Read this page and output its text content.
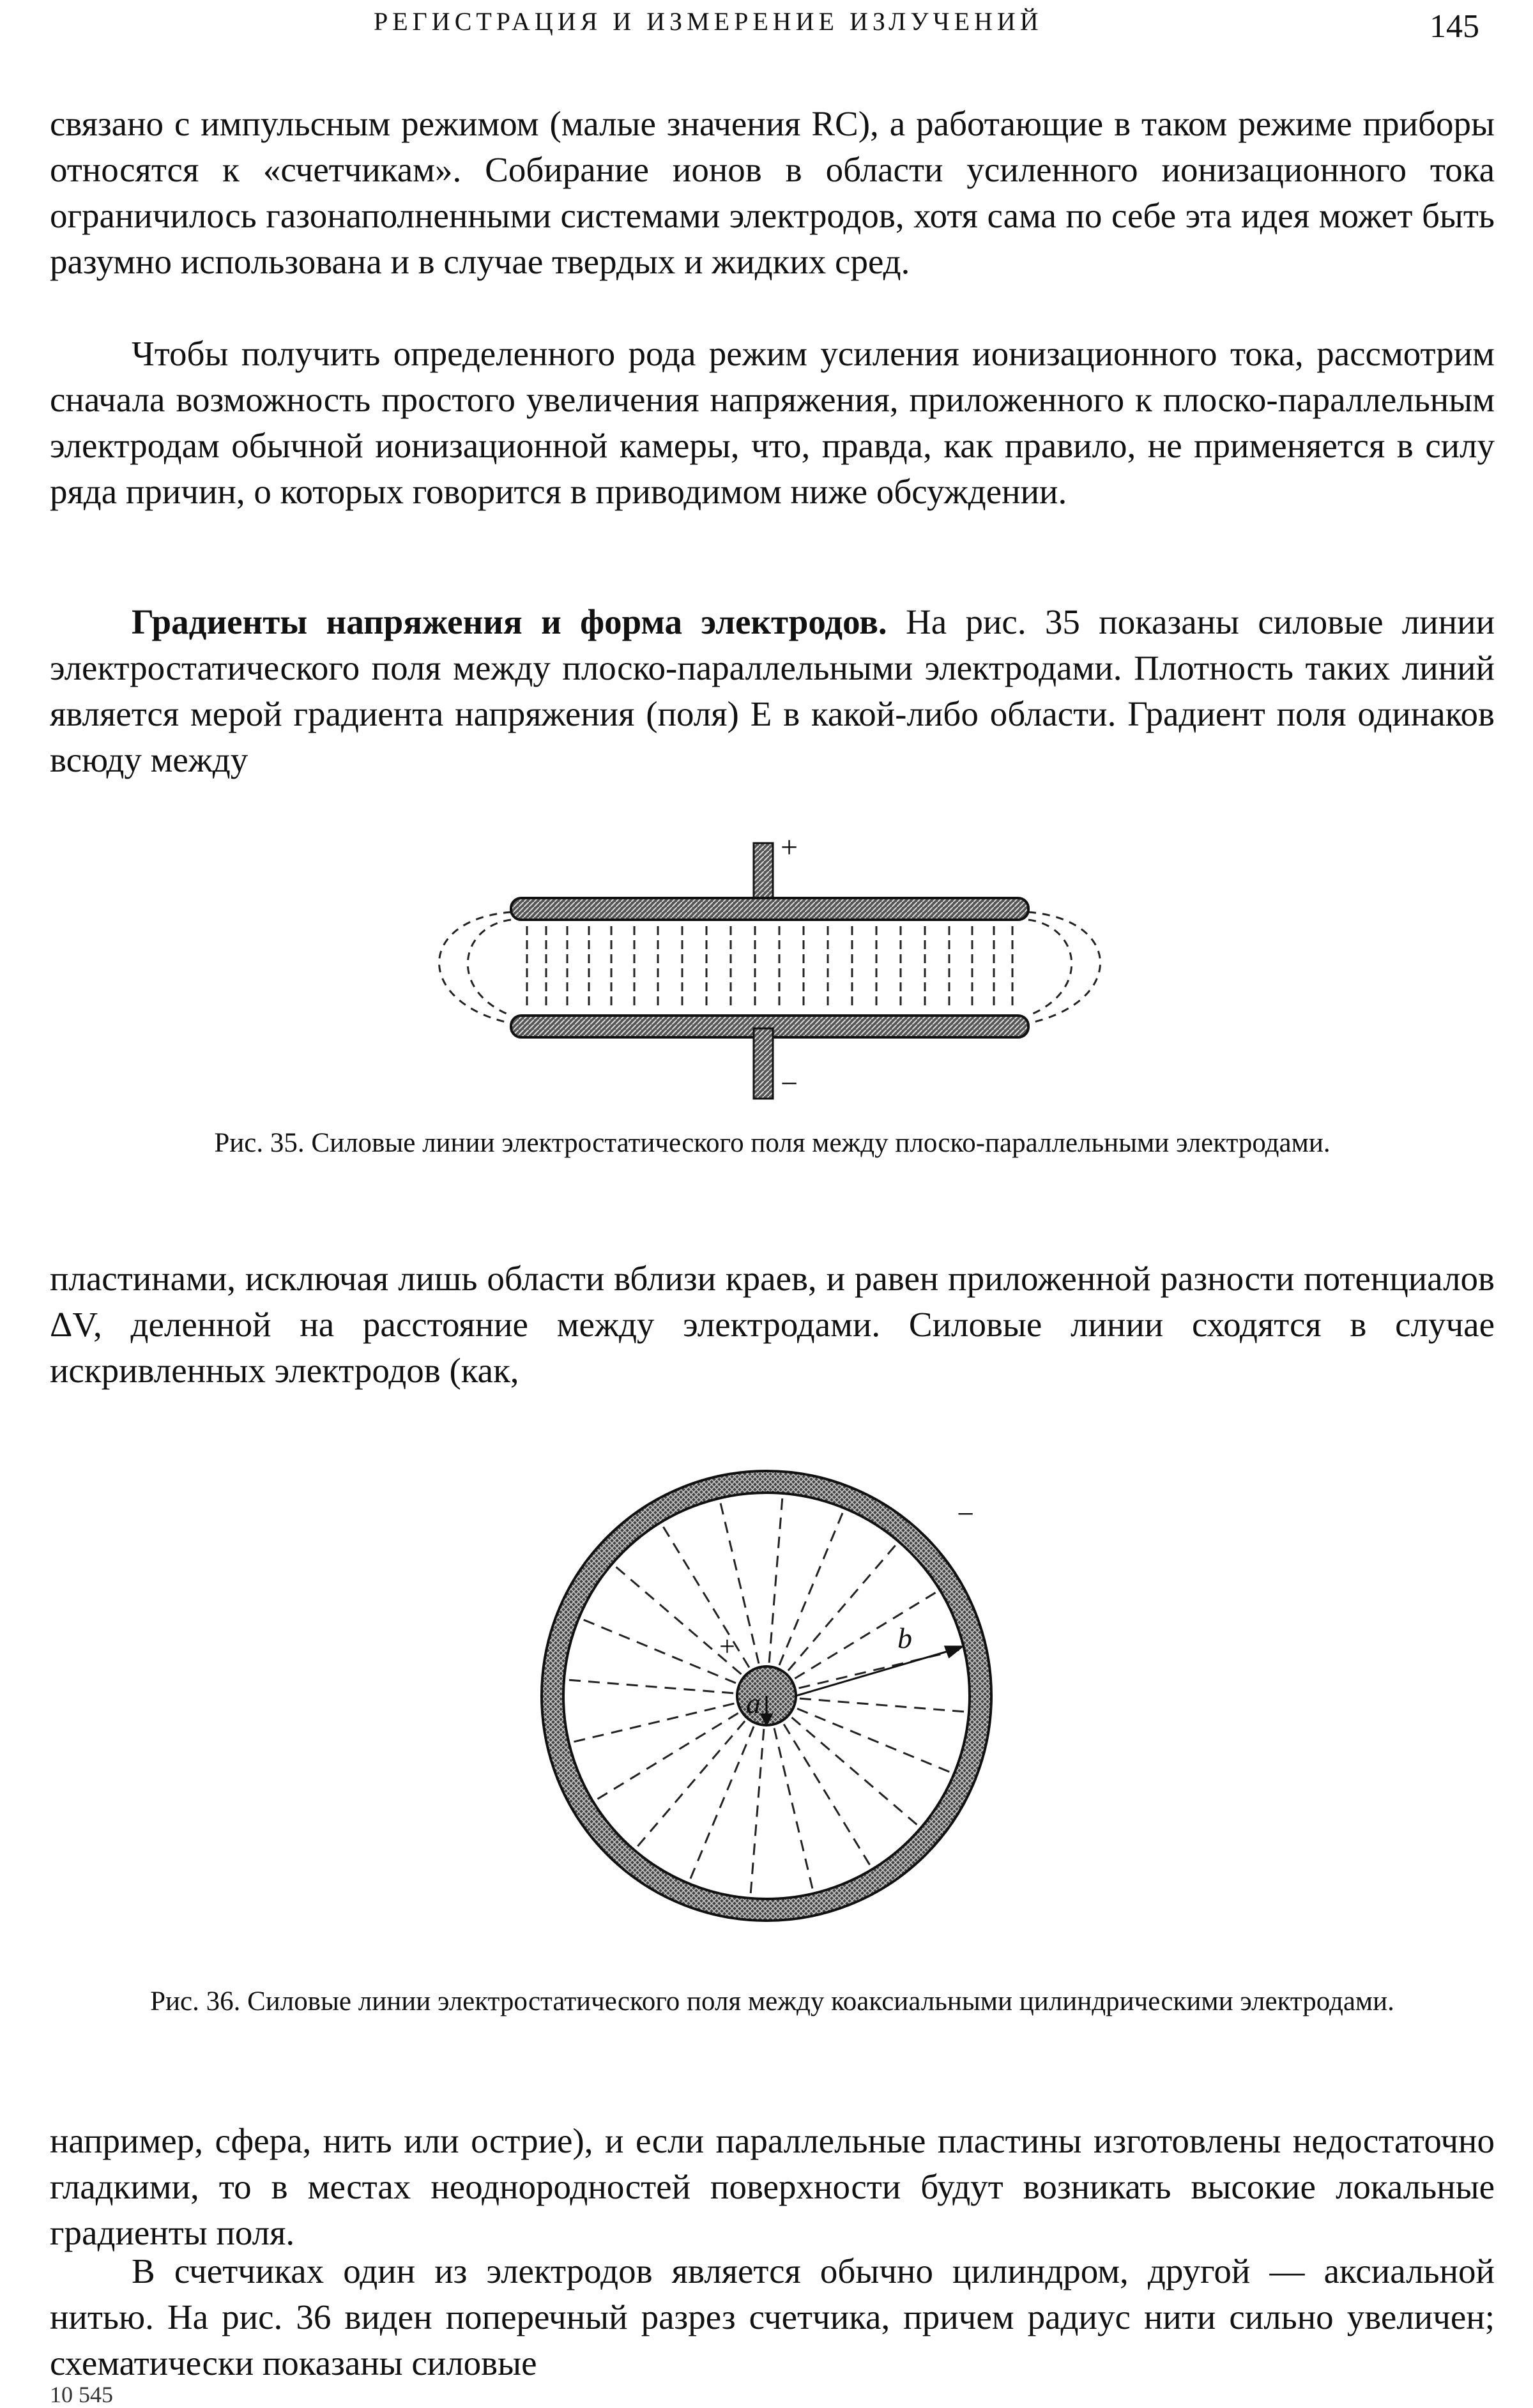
РЕГИСТРАЦИЯ И ИЗМЕРЕНИЕ ИЗЛУЧЕНИЙ	145

связано с импульсным режимом (малые значения RC), а работающие в таком режиме приборы относятся к «счетчикам». Собирание ионов в области усиленного ионизационного тока ограничилось газонаполненными системами электродов, хотя сама по себе эта идея может быть разумно использована и в случае твердых и жидких сред.

Чтобы получить определенного рода режим усиления ионизационного тока, рассмотрим сначала возможность простого увеличения напряжения, приложенного к плоско-параллельным электродам обычной ионизационной камеры, что, правда, как правило, не применяется в силу ряда причин, о которых говорится в приводимом ниже обсуждении.

Градиенты напряжения и форма электродов. На рис. 35 показаны силовые линии электростатического поля между плоско-параллельными электродами. Плотность таких линий является мерой градиента напряжения (поля) E в какой-либо области. Градиент поля одинаков всюду между

+
−

Рис. 35. Силовые линии электростатического поля между плоско-параллельными электродами.

пластинами, исключая лишь области вблизи краев, и равен приложенной разности потенциалов ΔV, деленной на расстояние между электродами. Силовые линии сходятся в случае искривленных электродов (как,

a
b
+
−

Рис. 36. Силовые линии электростатического поля между коаксиальными цилиндрическими электродами.

например, сфера, нить или острие), и если параллельные пластины изготовлены недостаточно гладкими, то в местах неоднородностей поверхности будут возникать высокие локальные градиенты поля.

В счетчиках один из электродов является обычно цилиндром, другой — аксиальной нитью. На рис. 36 виден поперечный разрез счетчика, причем радиус нити сильно увеличен; схематически показаны силовые

10 545
